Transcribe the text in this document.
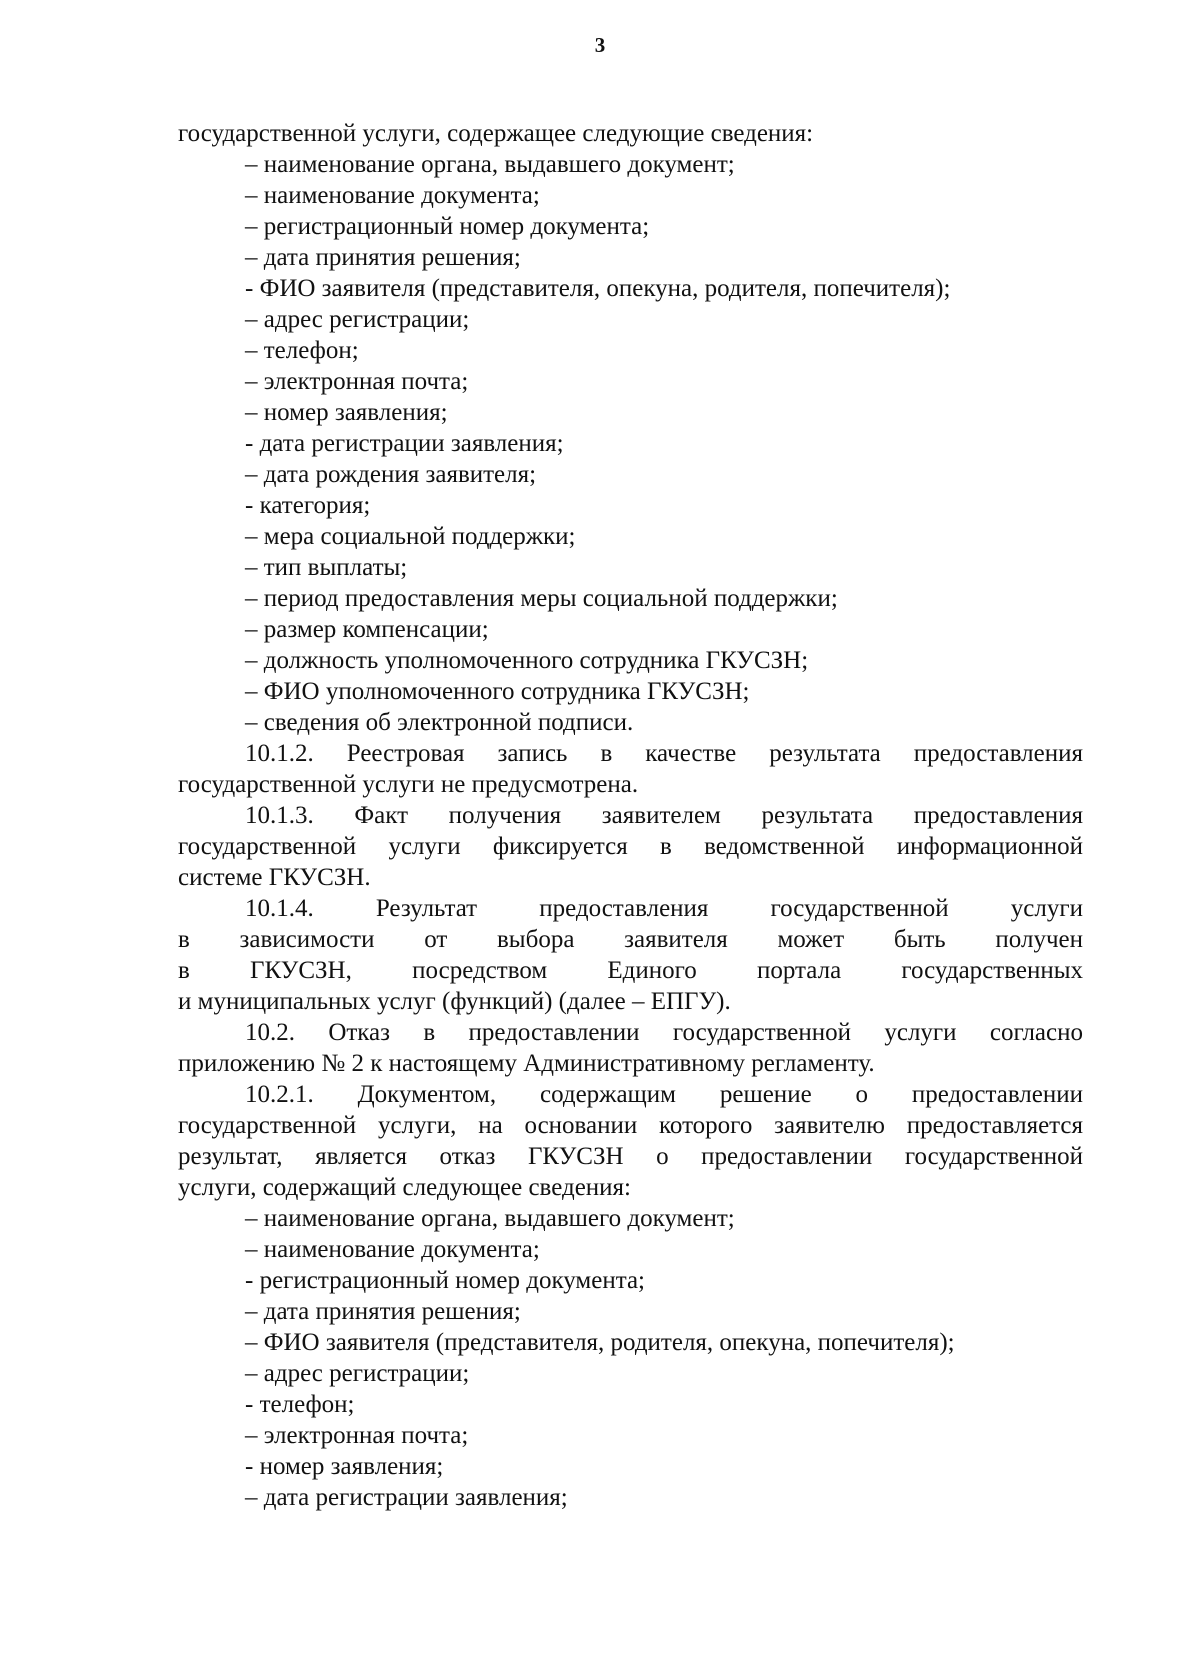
3
государственной услуги, содержащее следующие сведения:
– наименование органа, выдавшего документ;
– наименование документа;
– регистрационный номер документа;
– дата принятия решения;
- ФИО заявителя (представителя, опекуна, родителя, попечителя);
– адрес регистрации;
– телефон;
– электронная почта;
– номер заявления;
- дата регистрации заявления;
– дата рождения заявителя;
- категория;
– мера социальной поддержки;
– тип выплаты;
– период предоставления меры социальной поддержки;
– размер компенсации;
– должность уполномоченного сотрудника ГКУСЗН;
– ФИО уполномоченного сотрудника ГКУСЗН;
– сведения об электронной подписи.
10.1.2. Реестровая запись в качестве результата предоставления
государственной услуги не предусмотрена.
10.1.3. Факт получения заявителем результата предоставления
государственной услуги фиксируется в ведомственной информационной
системе ГКУСЗН.
10.1.4. Результат предоставления государственной услуги
в зависимости от выбора заявителя может быть получен
в ГКУСЗН, посредством Единого портала государственных
и муниципальных услуг (функций) (далее – ЕПГУ).
10.2. Отказ в предоставлении государственной услуги согласно
приложению № 2 к настоящему Административному регламенту.
10.2.1. Документом, содержащим решение о предоставлении
государственной услуги, на основании которого заявителю предоставляется
результат, является отказ ГКУСЗН о предоставлении государственной
услуги, содержащий следующее сведения:
– наименование органа, выдавшего документ;
– наименование документа;
- регистрационный номер документа;
– дата принятия решения;
– ФИО заявителя (представителя, родителя, опекуна, попечителя);
– адрес регистрации;
- телефон;
– электронная почта;
- номер заявления;
– дата регистрации заявления;
